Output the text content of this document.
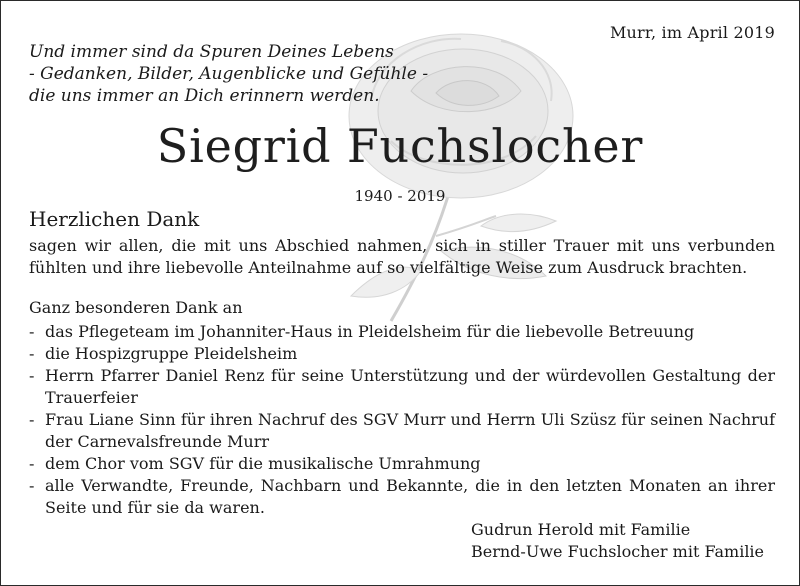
Murr, im April 2019
Und immer sind da Spuren Deines Lebens
- Gedanken, Bilder, Augenblicke und Gefühle -
die uns immer an Dich erinnern werden.
Siegrid Fuchslocher
1940 - 2019
Herzlichen Dank
sagen wir allen, die mit uns Abschied nahmen, sich in stiller Trauer mit uns verbunden fühlten und ihre liebevolle Anteilnahme auf so vielfältige Weise zum Ausdruck brachten.
Ganz besonderen Dank an
- das Pflegeteam im Johanniter-Haus in Pleidelsheim für die liebevolle Betreuung
- die Hospizgruppe Pleidelsheim
- Herrn Pfarrer Daniel Renz für seine Unterstützung und der würdevollen Gestaltung der Trauerfeier
- Frau Liane Sinn für ihren Nachruf des SGV Murr und Herrn Uli Szüsz für seinen Nachruf der Carnevalsfreunde Murr
- dem Chor vom SGV für die musikalische Umrahmung
- alle Verwandte, Freunde, Nachbarn und Bekannte, die in den letzten Monaten an ihrer Seite und für sie da waren.
Gudrun Herold mit Familie
Bernd-Uwe Fuchslocher mit Familie
